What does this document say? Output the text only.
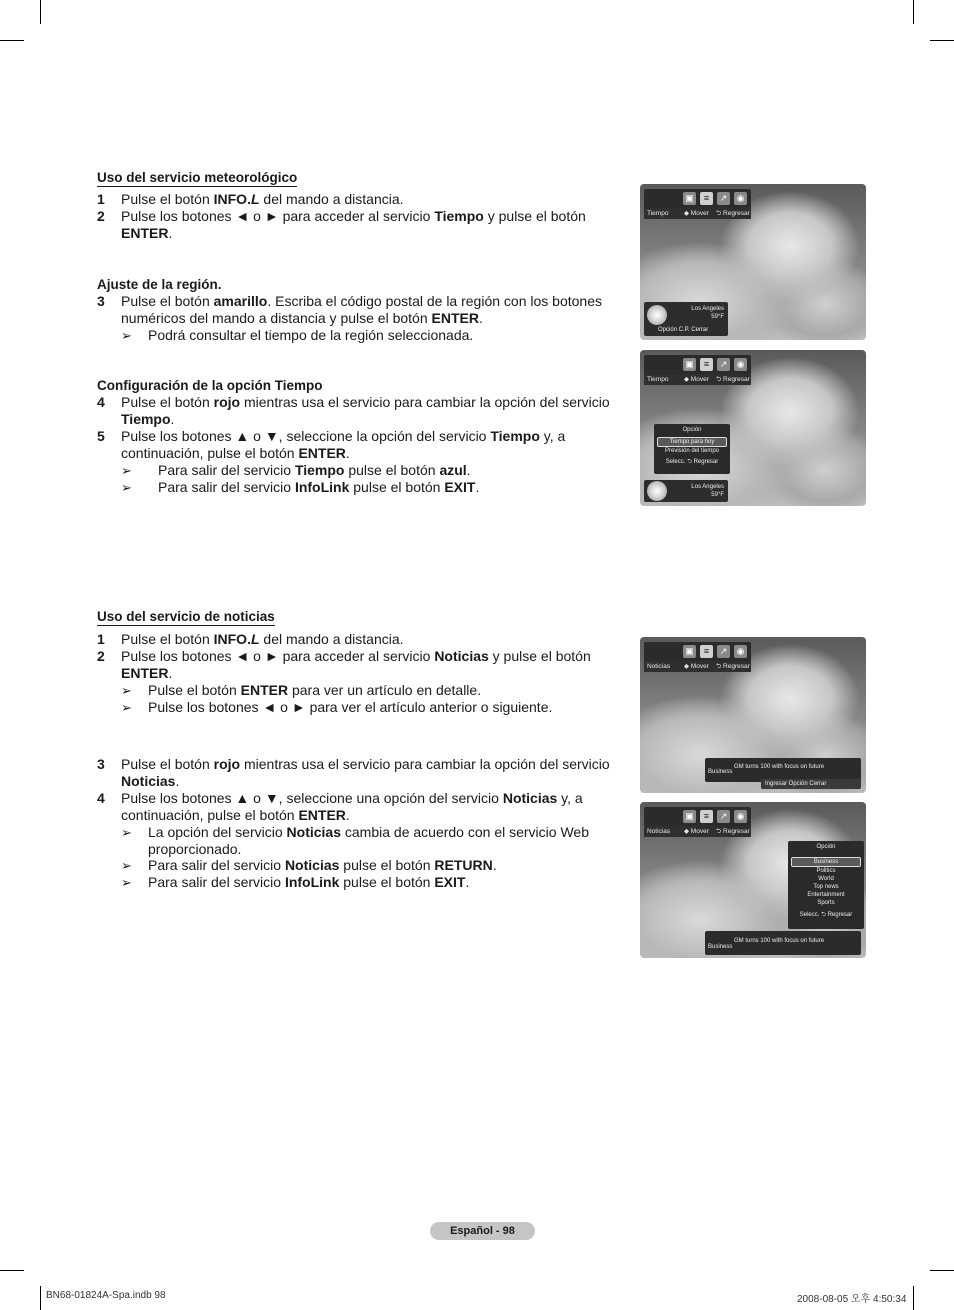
Uso del servicio meteorológico
1 Pulse el botón INFO.L del mando a distancia.
2 Pulse los botones ◄ o ► para acceder al servicio Tiempo y pulse el botón
ENTER.
Ajuste de la región.
3 Pulse el botón amarillo. Escriba el código postal de la región con los botones
numéricos del mando a distancia y pulse el botón ENTER.
➢ Podrá consultar el tiempo de la región seleccionada.
Configuración de la opción Tiempo
4 Pulse el botón rojo mientras usa el servicio para cambiar la opción del servicio
Tiempo.
5 Pulse los botones ▲ o ▼, seleccione la opción del servicio Tiempo y, a
continuación, pulse el botón ENTER.
➢ Para salir del servicio Tiempo pulse el botón azul.
➢ Para salir del servicio InfoLink pulse el botón EXIT.
Uso del servicio de noticias
1 Pulse el botón INFO.L del mando a distancia.
2 Pulse los botones ◄ o ► para acceder al servicio Noticias y pulse el botón
ENTER.
➢ Pulse el botón ENTER para ver un artículo en detalle.
➢ Pulse los botones ◄ o ► para ver el artículo anterior o siguiente.
3 Pulse el botón rojo mientras usa el servicio para cambiar la opción del servicio
Noticias.
4 Pulse los botones ▲ o ▼, seleccione una opción del servicio Noticias y, a
continuación, pulse el botón ENTER.
➢ La opción del servicio Noticias cambia de acuerdo con el servicio Web
proporcionado.
➢ Para salir del servicio Noticias pulse el botón RETURN.
➢ Para salir del servicio InfoLink pulse el botón EXIT.
▣	≡	↗	◉
Tiempo ◆ Mover ⮌ Regresar
Los Angeles
59°F
Opción C.P. Cerrar
▣	≡	↗	◉
Tiempo ◆ Mover ⮌ Regresar
Opción
Tiempo para hoy
Previsión del tiempo
Selecc. ⮌ Regresar
Los Angeles
59°F
▣	≡	↗	◉
Noticias ◆ Mover ⮌ Regresar
Business
GM turns 100 with focus on future
Ingresar Opción Cerrar
▣	≡	↗	◉
Noticias ◆ Mover ⮌ Regresar
Opción
Business
Politics
World
Top news
Entertainment
Sports
Selecc. ⮌ Regresar
Business
GM turns 100 with focus on future
Español - 98
BN68-01824A-Spa.indb 98	2008-08-05 오후 4:50:34
